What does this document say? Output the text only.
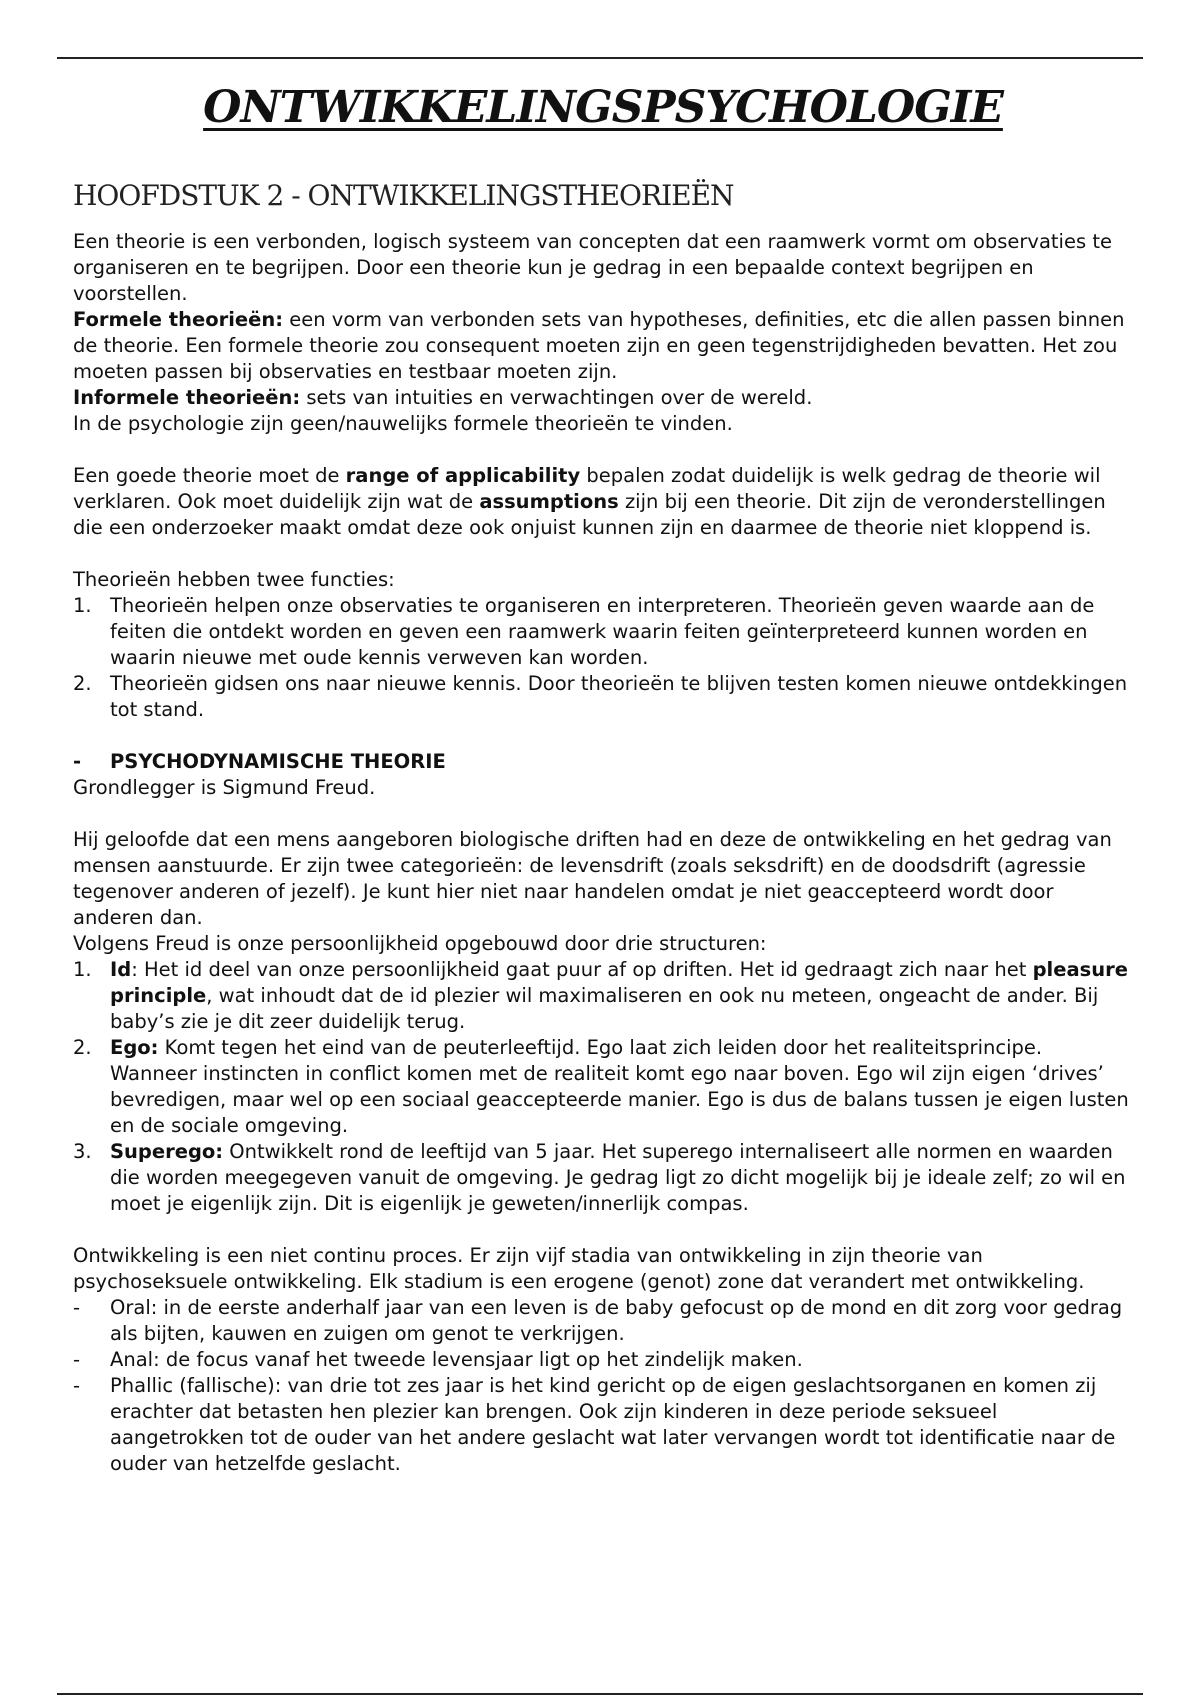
ONTWIKKELINGSPSYCHOLOGIE
HOOFDSTUK 2 - ONTWIKKELINGSTHEORIEËN

Een theorie is een verbonden, logisch systeem van concepten dat een raamwerk vormt om observaties te organiseren en te begrijpen. Door een theorie kun je gedrag in een bepaalde context begrijpen en voorstellen.

Formele theorieën: een vorm van verbonden sets van hypotheses, definities, etc die allen passen binnen de theorie. Een formele theorie zou consequent moeten zijn en geen tegenstrijdigheden bevatten. Het zou moeten passen bij observaties en testbaar moeten zijn.

Informele theorieën: sets van intuities en verwachtingen over de wereld.

In de psychologie zijn geen/nauwelijks formele theorieën te vinden.

Een goede theorie moet de range of applicability bepalen zodat duidelijk is welk gedrag de theorie wil verklaren. Ook moet duidelijk zijn wat de assumptions zijn bij een theorie. Dit zijn de veronderstellingen die een onderzoeker maakt omdat deze ook onjuist kunnen zijn en daarmee de theorie niet kloppend is.

Theorieën hebben twee functies:

1. Theorieën helpen onze observaties te organiseren en interpreteren. Theorieën geven waarde aan de feiten die ontdekt worden en geven een raamwerk waarin feiten geïnterpreteerd kunnen worden en waarin nieuwe met oude kennis verweven kan worden.
2. Theorieën gidsen ons naar nieuwe kennis. Door theorieën te blijven testen komen nieuwe ontdekkingen tot stand.
- PSYCHODYNAMISCHE THEORIE

Grondlegger is Sigmund Freud.

Hij geloofde dat een mens aangeboren biologische driften had en deze de ontwikkeling en het gedrag van mensen aanstuurde. Er zijn twee categorieën: de levensdrift (zoals seksdrift) en de doodsdrift (agressie tegenover anderen of jezelf). Je kunt hier niet naar handelen omdat je niet geaccepteerd wordt door anderen dan.

Volgens Freud is onze persoonlijkheid opgebouwd door drie structuren:

1. Id: Het id deel van onze persoonlijkheid gaat puur af op driften. Het id gedraagt zich naar het pleasure principle, wat inhoudt dat de id plezier wil maximaliseren en ook nu meteen, ongeacht de ander. Bij baby’s zie je dit zeer duidelijk terug.
2. Ego: Komt tegen het eind van de peuterleeftijd. Ego laat zich leiden door het realiteitsprincipe. Wanneer instincten in conflict komen met de realiteit komt ego naar boven. Ego wil zijn eigen ‘drives’ bevredigen, maar wel op een sociaal geaccepteerde manier. Ego is dus de balans tussen je eigen lusten en de sociale omgeving.
3. Superego: Ontwikkelt rond de leeftijd van 5 jaar. Het superego internaliseert alle normen en waarden die worden meegegeven vanuit de omgeving. Je gedrag ligt zo dicht mogelijk bij je ideale zelf; zo wil en moet je eigenlijk zijn. Dit is eigenlijk je geweten/innerlijk compas.

Ontwikkeling is een niet continu proces. Er zijn vijf stadia van ontwikkeling in zijn theorie van psychoseksuele ontwikkeling. Elk stadium is een erogene (genot) zone dat verandert met ontwikkeling.

- Oral: in de eerste anderhalf jaar van een leven is de baby gefocust op de mond en dit zorg voor gedrag als bijten, kauwen en zuigen om genot te verkrijgen.
- Anal: de focus vanaf het tweede levensjaar ligt op het zindelijk maken.
- Phallic (fallische): van drie tot zes jaar is het kind gericht op de eigen geslachtsorganen en komen zij erachter dat betasten hen plezier kan brengen. Ook zijn kinderen in deze periode seksueel aangetrokken tot de ouder van het andere geslacht wat later vervangen wordt tot identificatie naar de ouder van hetzelfde geslacht.
